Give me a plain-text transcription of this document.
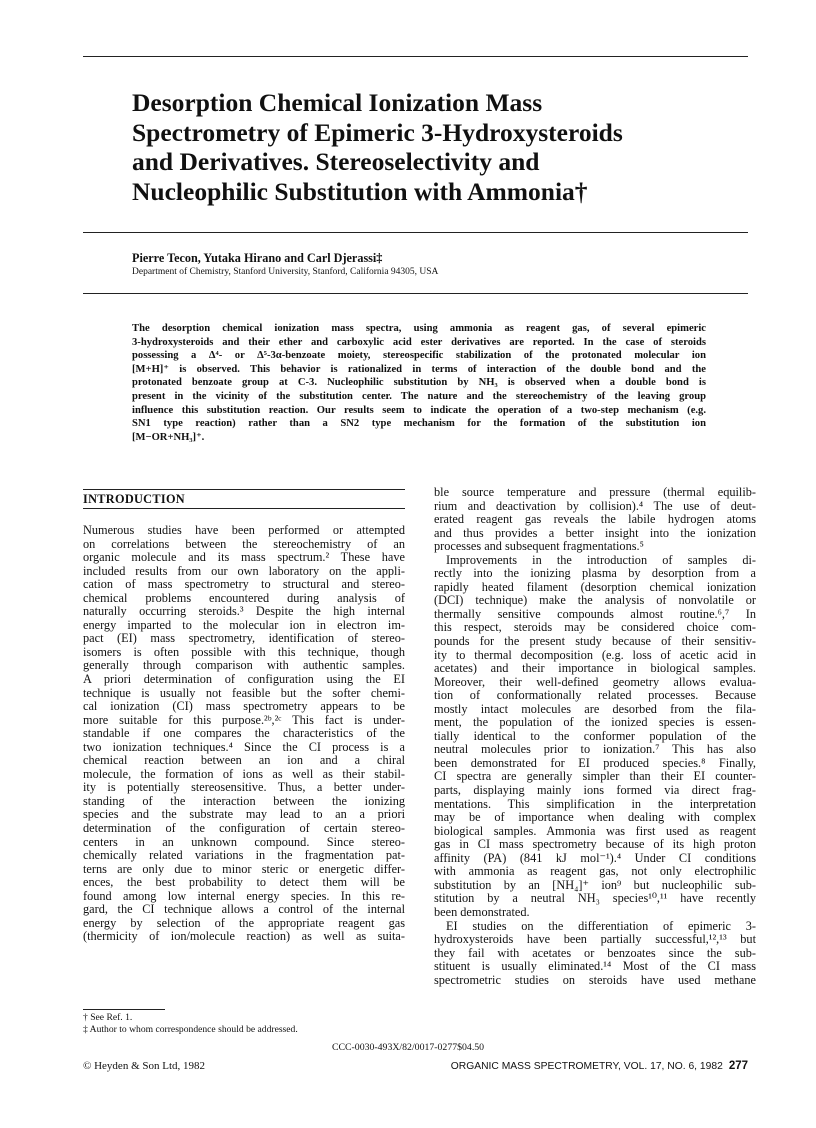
Desorption Chemical Ionization Mass
Spectrometry of Epimeric 3-Hydroxysteroids
and Derivatives. Stereoselectivity and
Nucleophilic Substitution with Ammonia†
Pierre Tecon, Yutaka Hirano and Carl Djerassi‡
Department of Chemistry, Stanford University, Stanford, California 94305, USA
The desorption chemical ionization mass spectra, using ammonia as reagent gas, of several epimeric
3-hydroxysteroids and their ether and carboxylic acid ester derivatives are reported. In the case of steroids
possessing a Δ⁴- or Δ⁵-3α-benzoate moiety, stereospecific stabilization of the protonated molecular ion
[M+H]⁺ is observed. This behavior is rationalized in terms of interaction of the double bond and the
protonated benzoate group at C-3. Nucleophilic substitution by NH₃ is observed when a double bond is
present in the vicinity of the substitution center. The nature and the stereochemistry of the leaving group
influence this substitution reaction. Our results seem to indicate the operation of a two-step mechanism (e.g.
SN1 type reaction) rather than a SN2 type mechanism for the formation of the substitution ion
[M−OR+NH₃]⁺.
INTRODUCTION
Numerous studies have been performed or attempted
on correlations between the stereochemistry of an
organic molecule and its mass spectrum.² These have
included results from our own laboratory on the appli-
cation of mass spectrometry to structural and stereo-
chemical problems encountered during analysis of
naturally occurring steroids.³ Despite the high internal
energy imparted to the molecular ion in electron im-
pact (EI) mass spectrometry, identification of stereo-
isomers is often possible with this technique, though
generally through comparison with authentic samples.
A priori determination of configuration using the EI
technique is usually not feasible but the softer chemi-
cal ionization (CI) mass spectrometry appears to be
more suitable for this purpose.²ᵇ,²ᶜ This fact is under-
standable if one compares the characteristics of the
two ionization techniques.⁴ Since the CI process is a
chemical reaction between an ion and a chiral
molecule, the formation of ions as well as their stabil-
ity is potentially stereosensitive. Thus, a better under-
standing of the interaction between the ionizing
species and the substrate may lead to an a priori
determination of the configuration of certain stereo-
centers in an unknown compound. Since stereo-
chemically related variations in the fragmentation pat-
terns are only due to minor steric or energetic differ-
ences, the best probability to detect them will be
found among low internal energy species. In this re-
gard, the CI technique allows a control of the internal
energy by selection of the appropriate reagent gas
(thermicity of ion/molecule reaction) as well as suita-
ble source temperature and pressure (thermal equilib-
rium and deactivation by collision).⁴ The use of deut-
erated reagent gas reveals the labile hydrogen atoms
and thus provides a better insight into the ionization
processes and subsequent fragmentations.⁵
Improvements in the introduction of samples di-
rectly into the ionizing plasma by desorption from a
rapidly heated filament (desorption chemical ionization
(DCI) technique) make the analysis of nonvolatile or
thermally sensitive compounds almost routine.⁶,⁷ In
this respect, steroids may be considered choice com-
pounds for the present study because of their sensitiv-
ity to thermal decomposition (e.g. loss of acetic acid in
acetates) and their importance in biological samples.
Moreover, their well-defined geometry allows evalua-
tion of conformationally related processes. Because
mostly intact molecules are desorbed from the fila-
ment, the population of the ionized species is essen-
tially identical to the conformer population of the
neutral molecules prior to ionization.⁷ This has also
been demonstrated for EI produced species.⁸ Finally,
CI spectra are generally simpler than their EI counter-
parts, displaying mainly ions formed via direct frag-
mentations. This simplification in the interpretation
may be of importance when dealing with complex
biological samples. Ammonia was first used as reagent
gas in CI mass spectrometry because of its high proton
affinity (PA) (841 kJ mol⁻¹).⁴ Under CI conditions
with ammonia as reagent gas, not only electrophilic
substitution by an [NH₄]⁺ ion⁹ but nucleophilic sub-
stitution by a neutral NH₃ species¹⁰,¹¹ have recently
been demonstrated.
EI studies on the differentiation of epimeric 3-
hydroxysteroids have been partially successful,¹²,¹³ but
they fail with acetates or benzoates since the sub-
stituent is usually eliminated.¹⁴ Most of the CI mass
spectrometric studies on steroids have used methane
† See Ref. 1.
‡ Author to whom correspondence should be addressed.
CCC-0030-493X/82/0017-0277$04.50
© Heyden & Son Ltd, 1982	ORGANIC MASS SPECTROMETRY, VOL. 17, NO. 6, 1982 277
